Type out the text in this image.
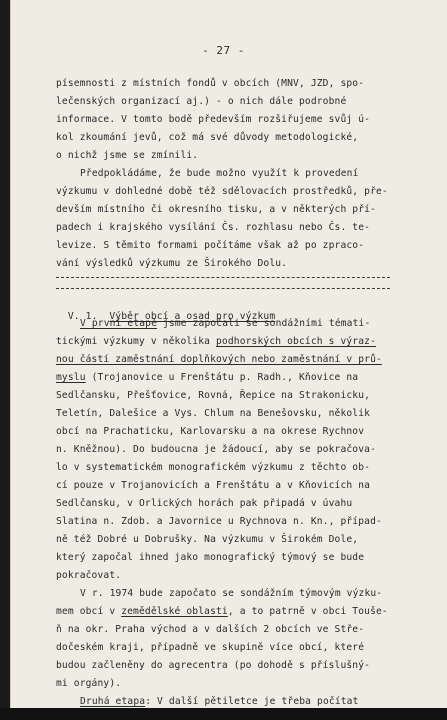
- 27 -

V. 1. Výběr obcí a osad pro výzkum

písemnosti z místních fondů v obcích (MNV, JZD, spo-
lečenských organizací aj.) - o nich dále podrobné
informace. V tomto bodě především rozšiřujeme svůj ú-
kol zkoumání jevů, což má své důvody metodologické,
o nichž jsme se zmínili.
Předpokládáme, že bude možno využít k provedení
výzkumu v dohledné době též sdělovacích prostředků, pře-
devším místního či okresního tisku, a v některých pří-
padech i krajského vysílání Čs. rozhlasu nebo Čs. te-
levize. S těmito formami počítáme však až po zpraco-
vání výsledků výzkumu ze Širokého Dolu.
V první etapě jsme započali se sondážními témati-
tickými výzkumy v několika podhorských obcích s výraz-
nou částí zaměstnání doplňkových nebo zaměstnání v prů-
myslu (Trojanovice u Frenštátu p. Radh., Kňovice na
Sedlčansku, Přešťovice, Rovná, Řepice na Strakonicku,
Teletín, Dalešice a Vys. Chlum na Benešovsku, několik
obcí na Prachaticku, Karlovarsku a na okrese Rychnov
n. Kněžnou). Do budoucna je žádoucí, aby se pokračova-
lo v systematickém monografickém výzkumu z těchto ob-
cí pouze v Trojanovicích a Frenštátu a v Kňovicích na
Sedlčansku, v Orlických horách pak připadá v úvahu
Slatina n. Zdob. a Javornice u Rychnova n. Kn., případ-
ně též Dobré u Dobrušky. Na výzkumu v Širokém Dole,
který započal ihned jako monografický týmový se bude
pokračovat.
V r. 1974 bude započato se sondážním týmovým výzku-
mem obcí v zemědělské oblasti, a to patrně v obci Touše-
ň na okr. Praha východ a v dalších 2 obcích ve Stře-
dočeském kraji, případně ve skupině více obcí, které
budou začleněny do agrecentra (po dohodě s příslušný-
mi orgány).
Druhá etapa: V další pětiletce je třeba počítat
